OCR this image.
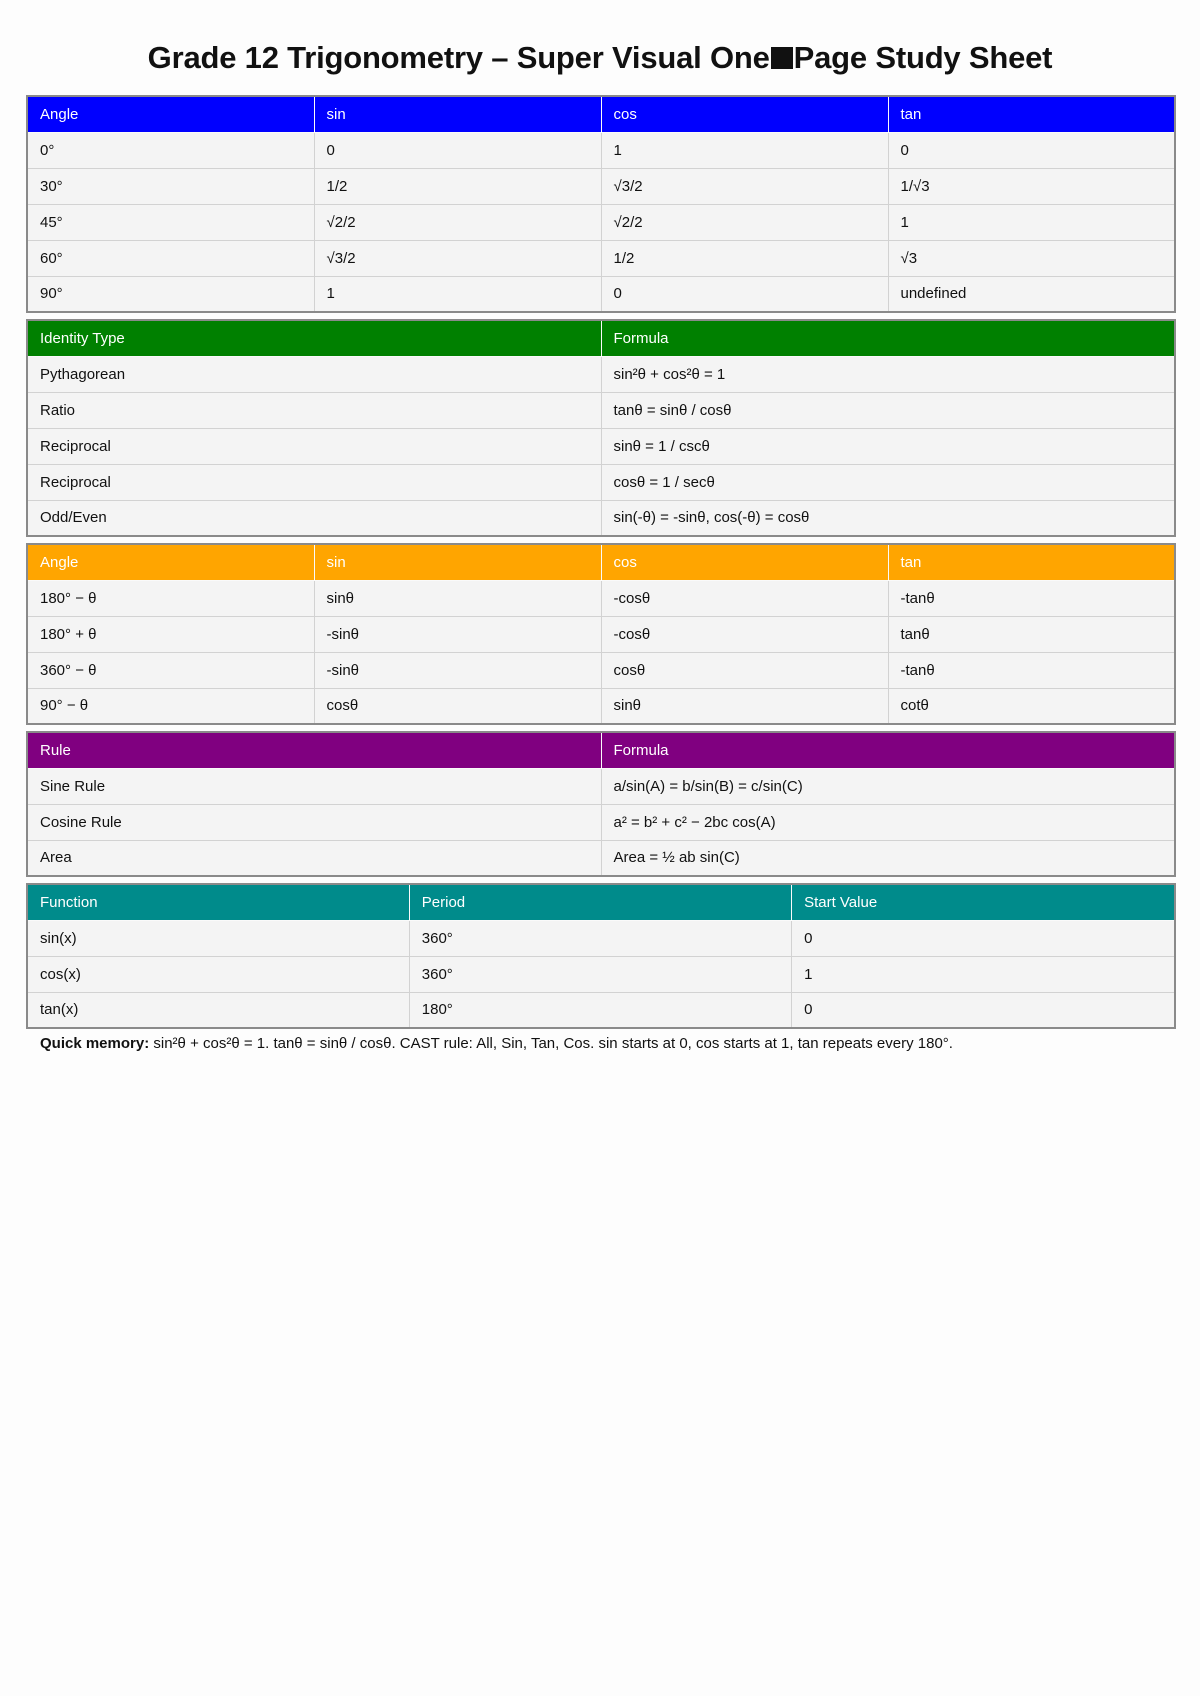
Grade 12 Trigonometry – Super Visual One Page Study Sheet
Angle	sin	cos	tan
0°	0	1	0
30°	1/2	√3/2	1/√3
45°	√2/2	√2/2	1
60°	√3/2	1/2	√3
90°	1	0	undefined
Identity Type	Formula
Pythagorean	sin²θ + cos²θ = 1
Ratio	tanθ = sinθ / cosθ
Reciprocal	sinθ = 1 / cscθ
Reciprocal	cosθ = 1 / secθ
Odd/Even	sin(-θ) = -sinθ, cos(-θ) = cosθ
Angle	sin	cos	tan
180° − θ	sinθ	-cosθ	-tanθ
180° + θ	-sinθ	-cosθ	tanθ
360° − θ	-sinθ	cosθ	-tanθ
90° − θ	cosθ	sinθ	cotθ
Rule	Formula
Sine Rule	a/sin(A) = b/sin(B) = c/sin(C)
Cosine Rule	a² = b² + c² − 2bc cos(A)
Area	Area = ½ ab sin(C)
Function	Period	Start Value
sin(x)	360°	0
cos(x)	360°	1
tan(x)	180°	0
Quick memory: sin²θ + cos²θ = 1. tanθ = sinθ / cosθ. CAST rule: All, Sin, Tan, Cos. sin starts at 0, cos starts at 1, tan repeats every 180°.
